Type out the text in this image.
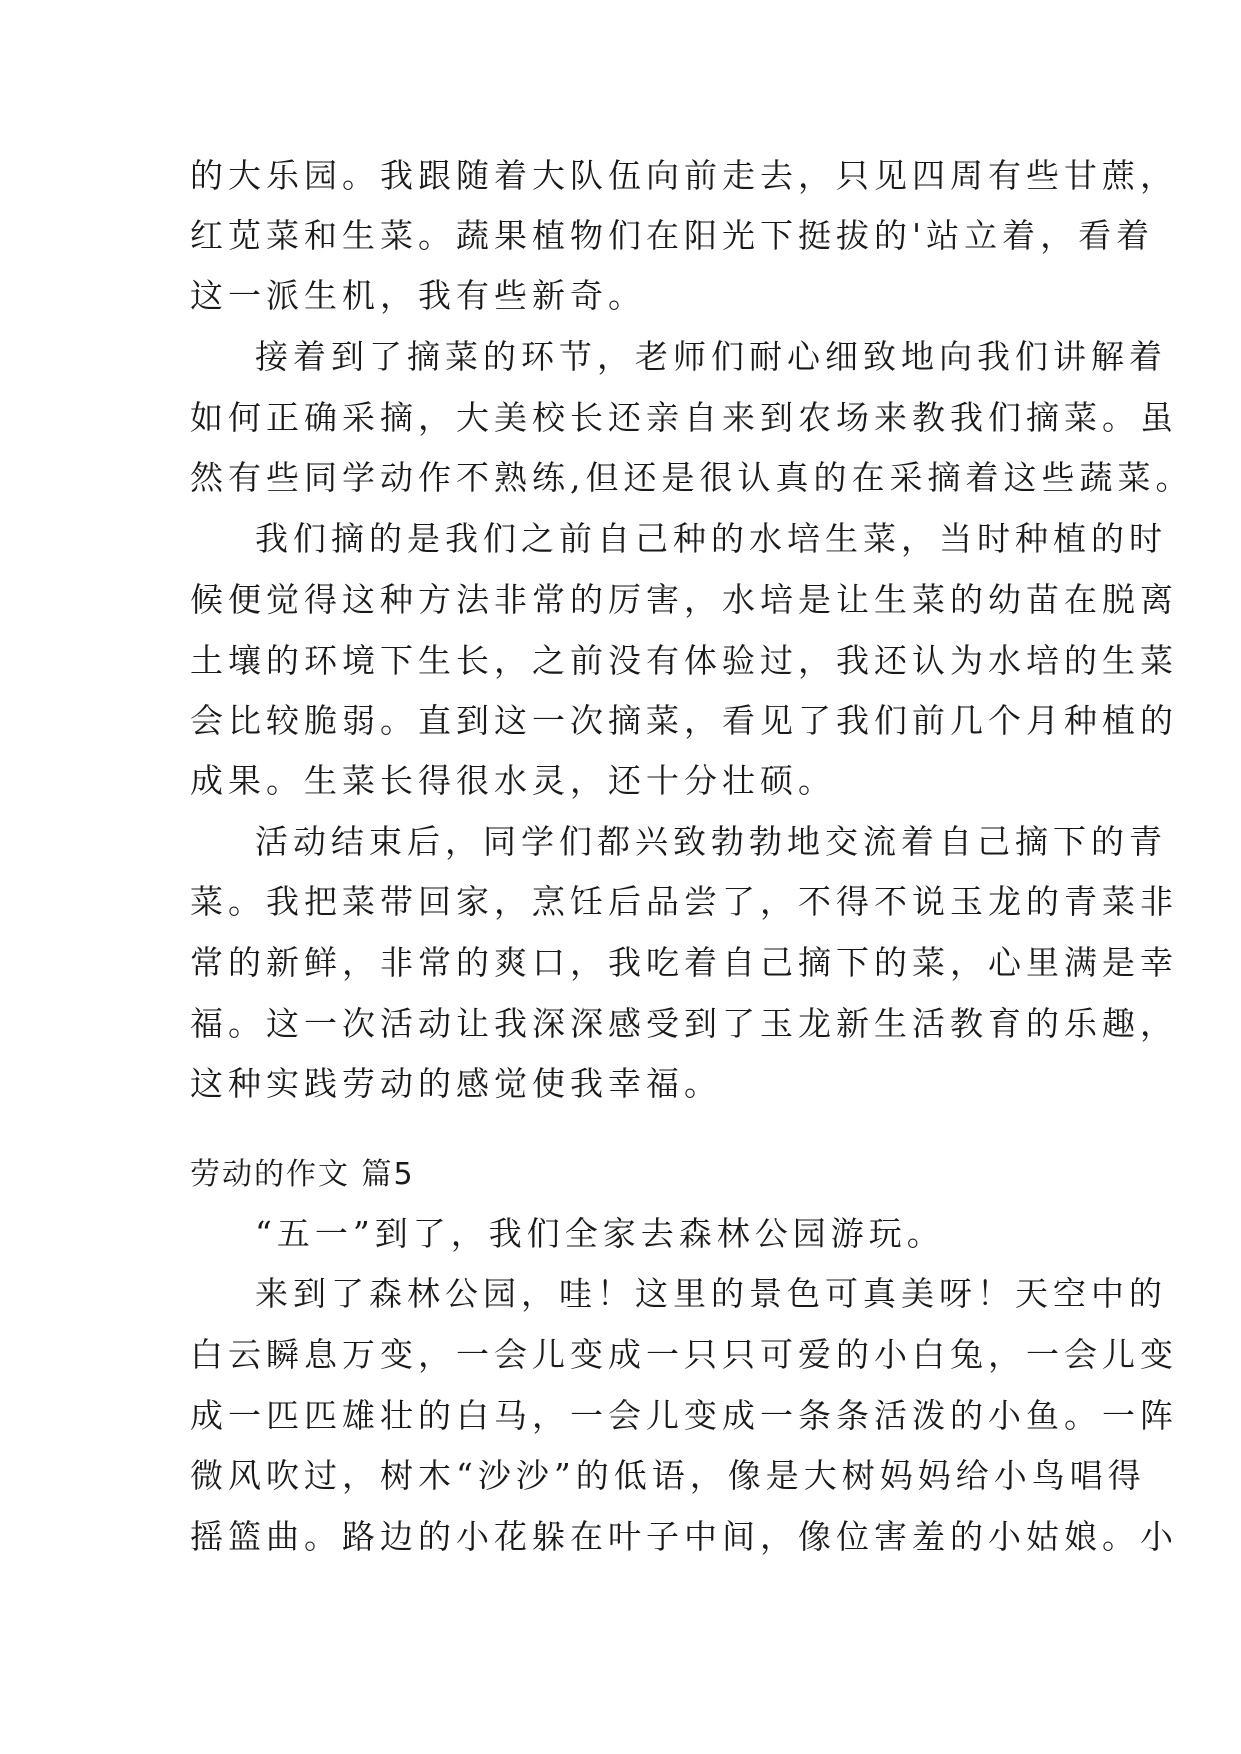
的大乐园。我跟随着大队伍向前走去，只见四周有些甘蔗，
红苋菜和生菜。蔬果植物们在阳光下挺拔的'站立着，看着
这一派生机，我有些新奇。
接着到了摘菜的环节，老师们耐心细致地向我们讲解着
如何正确采摘，大美校长还亲自来到农场来教我们摘菜。虽
然有些同学动作不熟练,但还是很认真的在采摘着这些蔬菜。
我们摘的是我们之前自己种的水培生菜，当时种植的时
候便觉得这种方法非常的厉害，水培是让生菜的幼苗在脱离
土壤的环境下生长，之前没有体验过，我还认为水培的生菜
会比较脆弱。直到这一次摘菜，看见了我们前几个月种植的
成果。生菜长得很水灵，还十分壮硕。
活动结束后，同学们都兴致勃勃地交流着自己摘下的青
菜。我把菜带回家，烹饪后品尝了，不得不说玉龙的青菜非
常的新鲜，非常的爽口，我吃着自己摘下的菜，心里满是幸
福。这一次活动让我深深感受到了玉龙新生活教育的乐趣，
这种实践劳动的感觉使我幸福。
劳动的作文 篇5
“五一”到了，我们全家去森林公园游玩。
来到了森林公园，哇！这里的景色可真美呀！天空中的
白云瞬息万变，一会儿变成一只只可爱的小白兔，一会儿变
成一匹匹雄壮的白马，一会儿变成一条条活泼的小鱼。一阵
微风吹过，树木“沙沙”的低语，像是大树妈妈给小鸟唱得
摇篮曲。路边的小花躲在叶子中间，像位害羞的小姑娘。小
